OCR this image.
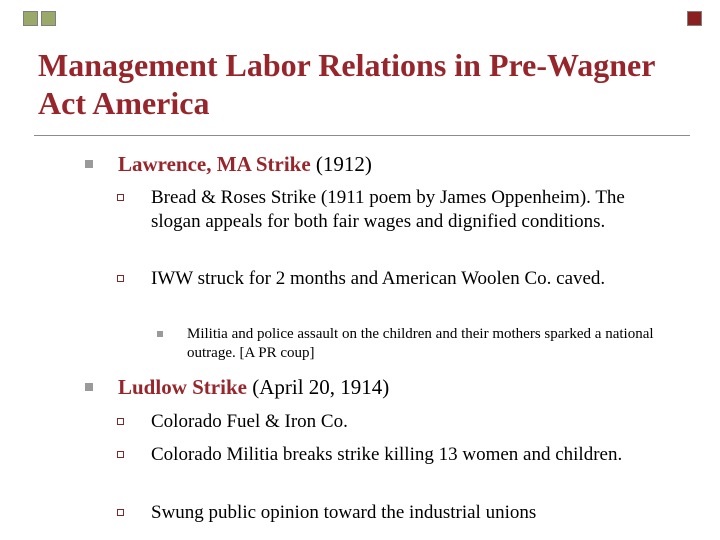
Management Labor Relations in Pre-Wagner Act America
Lawrence, MA Strike (1912)
Bread & Roses Strike (1911 poem by James Oppenheim). The slogan appeals for both fair wages and dignified conditions.
IWW struck for 2 months and American Woolen Co. caved.
Militia and police assault on the children and their mothers sparked a national outrage. [A PR coup]
Ludlow Strike (April 20, 1914)
Colorado Fuel & Iron Co.
Colorado Militia breaks strike killing 13 women and children.
Swung public opinion toward the industrial unions
